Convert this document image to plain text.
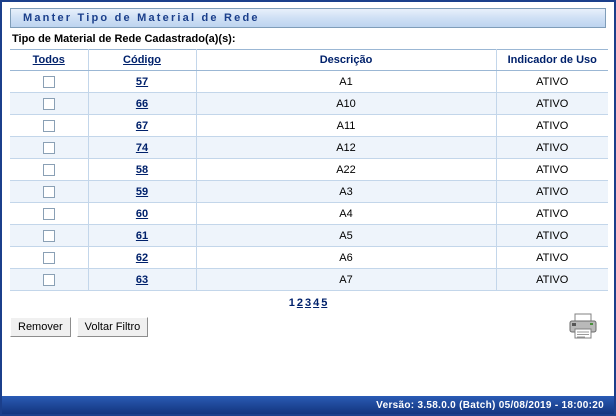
Manter Tipo de Material de Rede
Tipo de Material de Rede Cadastrado(a)(s):
Todos	Código	Descrição	Indicador de Uso
	57	A1	ATIVO
	66	A10	ATIVO
	67	A11	ATIVO
	74	A12	ATIVO
	58	A22	ATIVO
	59	A3	ATIVO
	60	A4	ATIVO
	61	A5	ATIVO
	62	A6	ATIVO
	63	A7	ATIVO
1 2 3 4 5
Remover	Voltar Filtro
Versão: 3.58.0.0 (Batch) 05/08/2019 - 18:00:20
